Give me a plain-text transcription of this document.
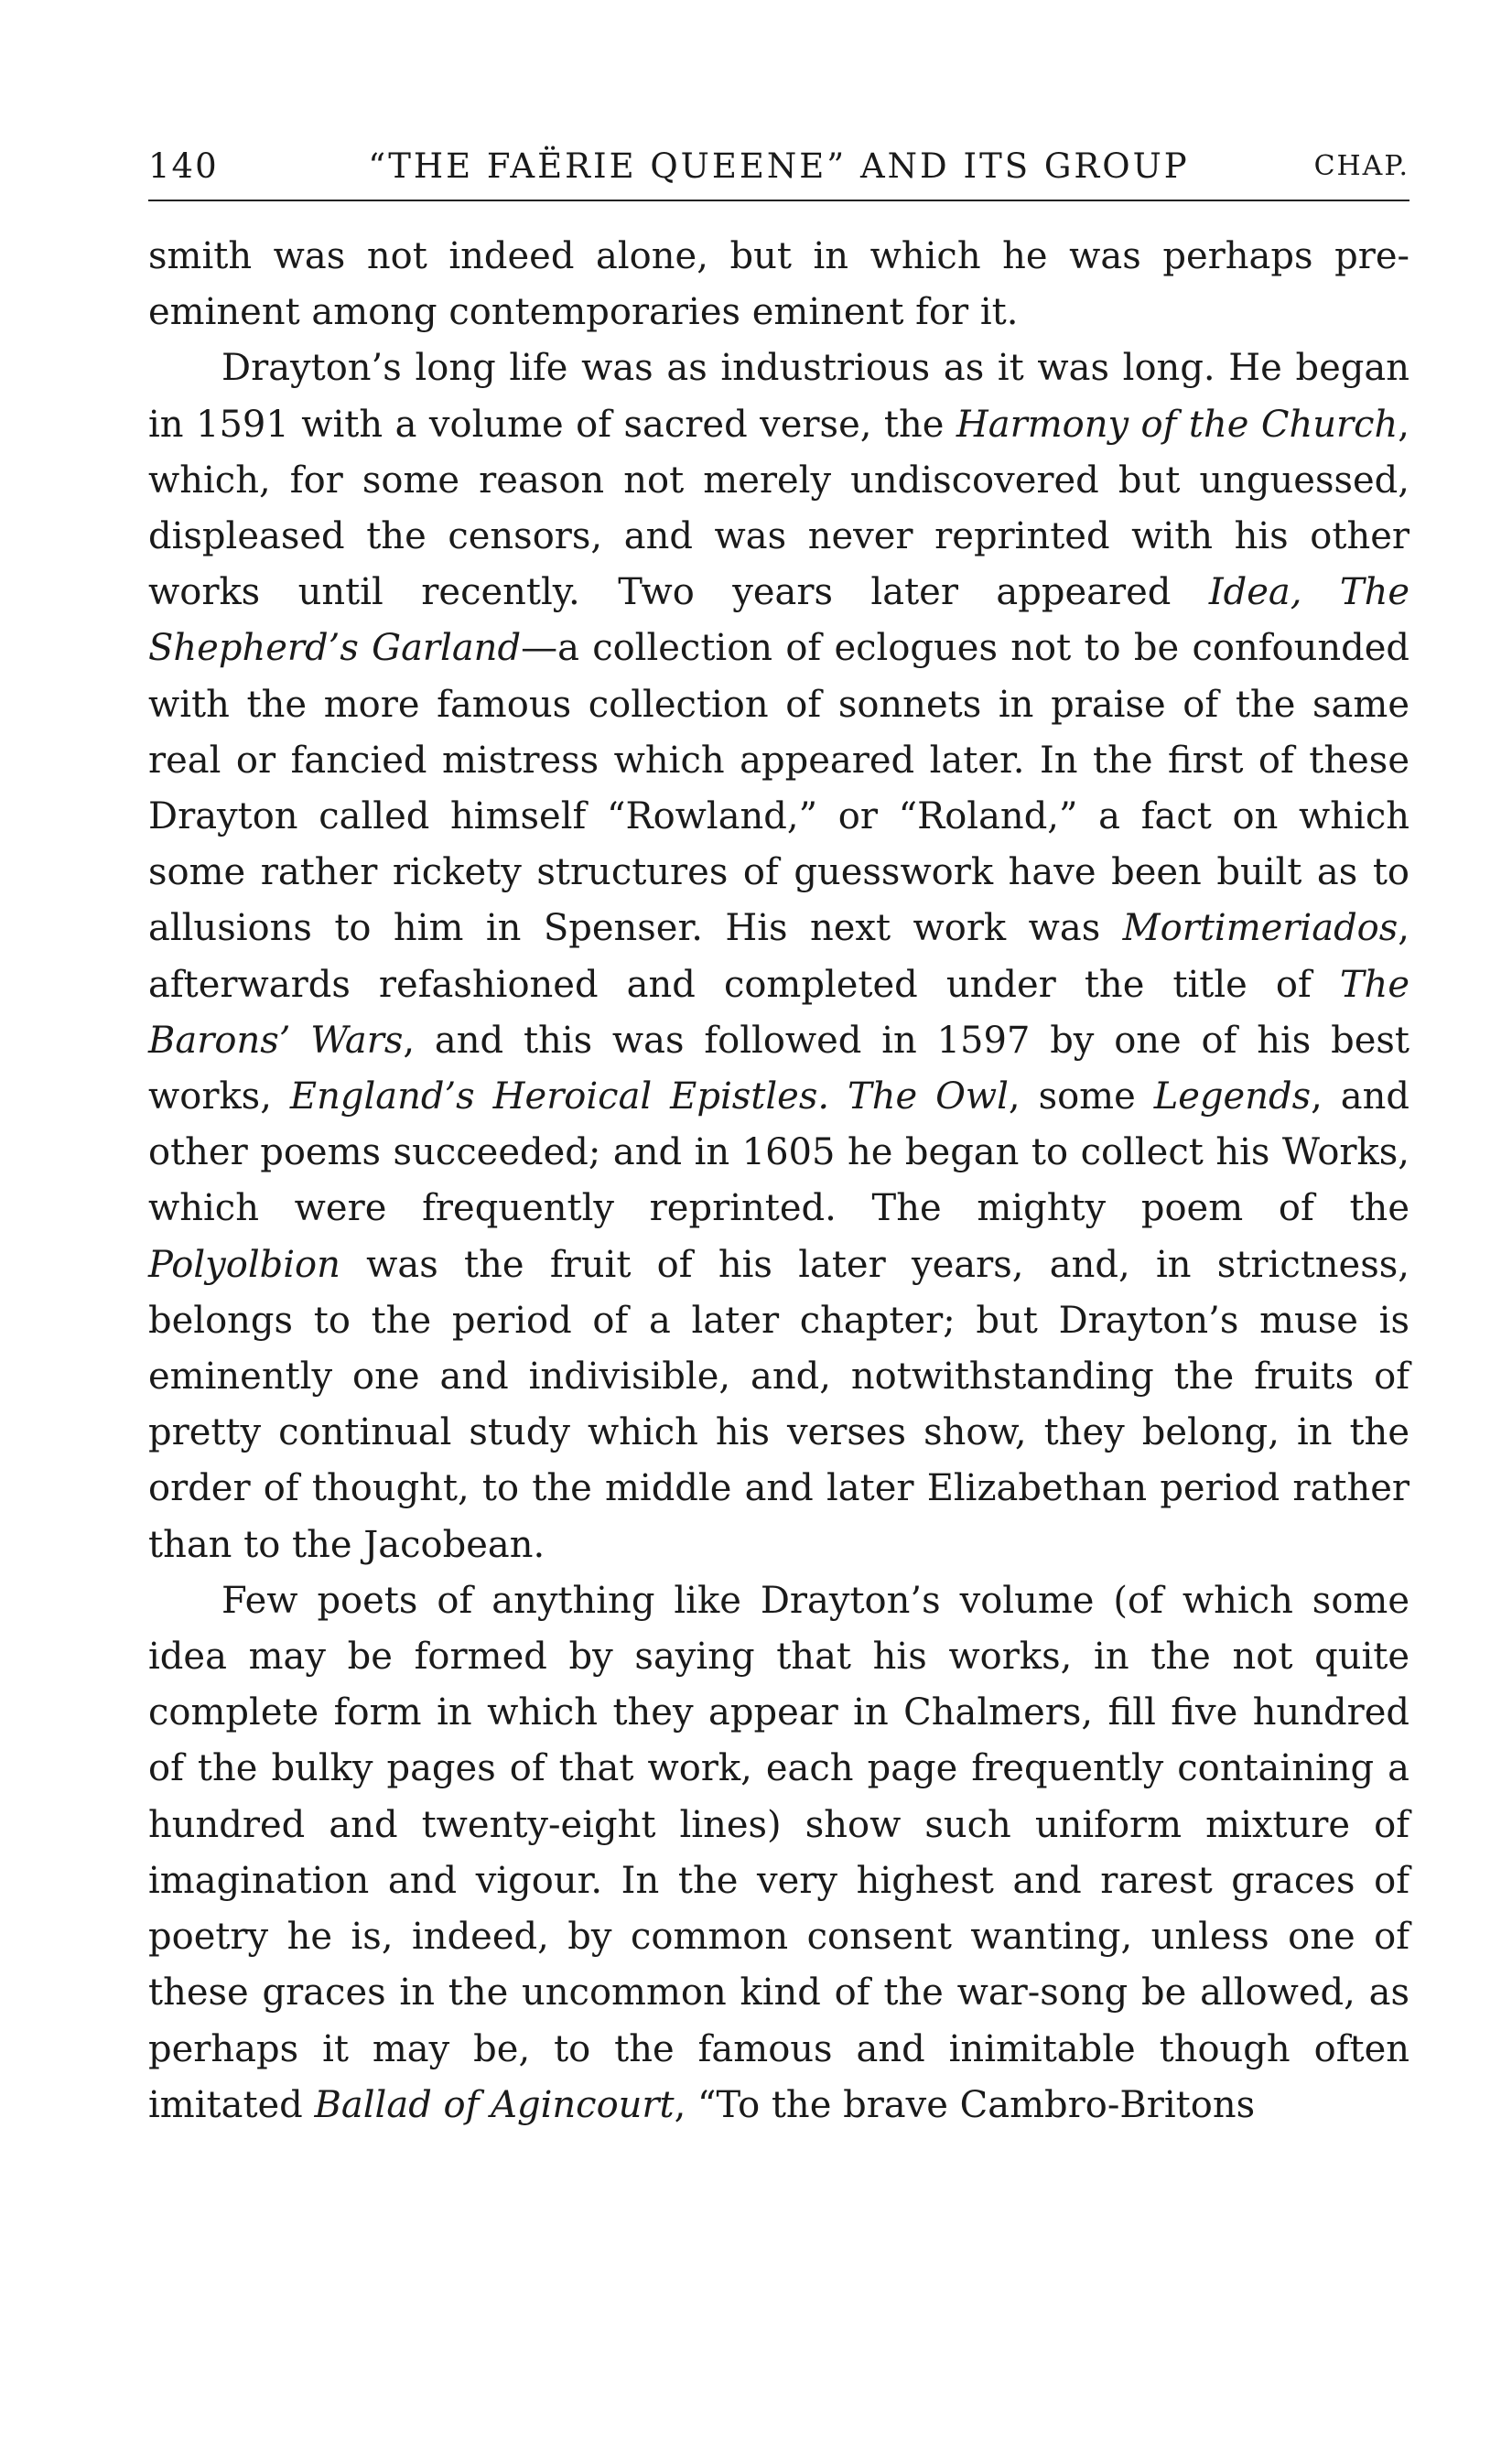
140	“THE FAËRIE QUEENE” AND ITS GROUP	CHAP.

smith was not indeed alone, but in which he was perhaps pre-eminent among contemporaries eminent for it.

Drayton’s long life was as industrious as it was long. He began in 1591 with a volume of sacred verse, the Harmony of the Church, which, for some reason not merely undiscovered but unguessed, displeased the censors, and was never reprinted with his other works until recently. Two years later appeared Idea, The Shepherd’s Garland—a collection of eclogues not to be confounded with the more famous collection of sonnets in praise of the same real or fancied mistress which appeared later. In the first of these Drayton called himself “Rowland,” or “Roland,” a fact on which some rather rickety structures of guesswork have been built as to allusions to him in Spenser. His next work was Mortimeriados, afterwards refashioned and completed under the title of The Barons’ Wars, and this was followed in 1597 by one of his best works, England’s Heroical Epistles. The Owl, some Legends, and other poems succeeded; and in 1605 he began to collect his Works, which were frequently reprinted. The mighty poem of the Polyolbion was the fruit of his later years, and, in strictness, belongs to the period of a later chapter; but Drayton’s muse is eminently one and indivisible, and, notwithstanding the fruits of pretty continual study which his verses show, they belong, in the order of thought, to the middle and later Elizabethan period rather than to the Jacobean.

Few poets of anything like Drayton’s volume (of which some idea may be formed by saying that his works, in the not quite complete form in which they appear in Chalmers, fill five hundred of the bulky pages of that work, each page frequently containing a hundred and twenty-eight lines) show such uniform mixture of imagination and vigour. In the very highest and rarest graces of poetry he is, indeed, by common consent wanting, unless one of these graces in the uncommon kind of the war-song be allowed, as perhaps it may be, to the famous and inimitable though often imitated Ballad of Agincourt, “To the brave Cambro-Britons
